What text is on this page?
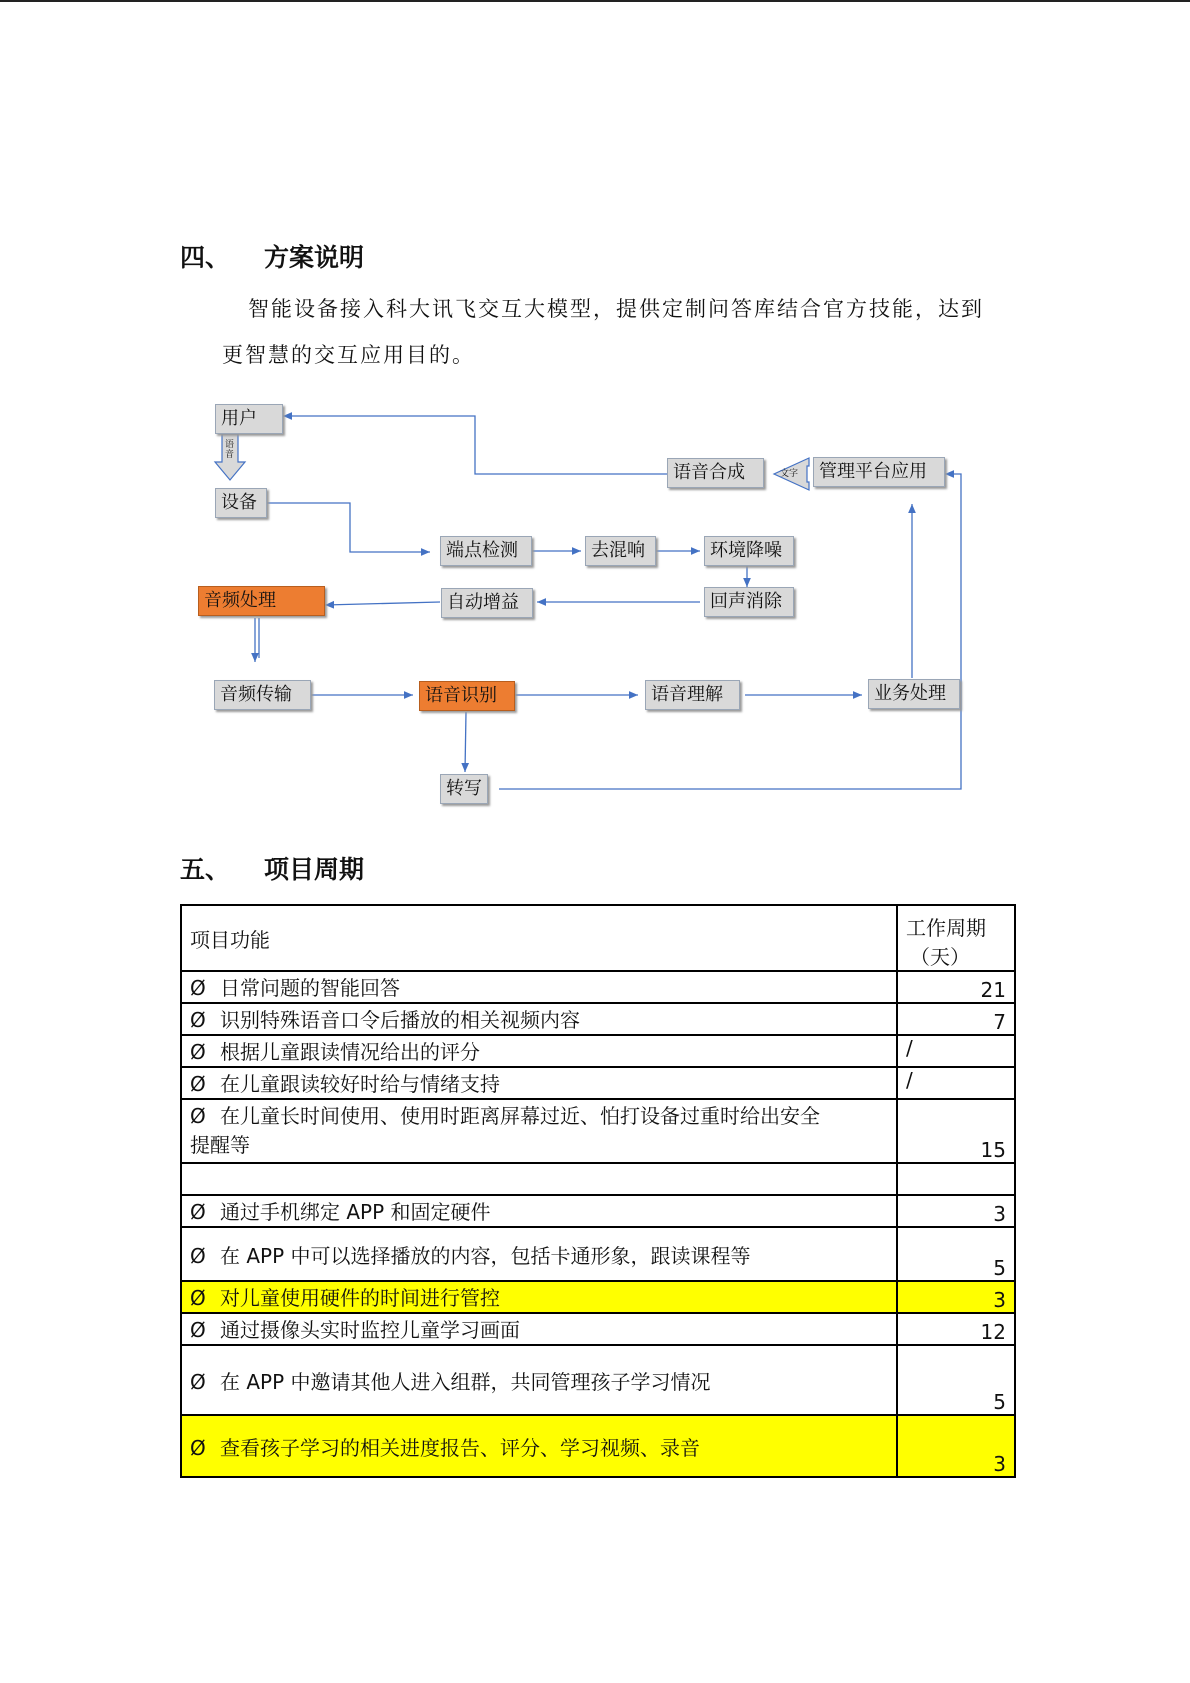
四、 方案说明
智能设备接入科大讯飞交互大模型，提供定制问答库结合官方技能，达到
更智慧的交互应用目的。
语音
文字
用户
设备
端点检测	去混响	环境降噪
回声消除
自动增益
音频处理
音频传输	语音识别	语音理解	业务处理
转写
语音合成	管理平台应用
五、 项目周期
项目功能	工作周期
（天）

Ø 日常问题的智能回答	21
Ø 识别特殊语音口令后播放的相关视频内容	7
Ø 根据儿童跟读情况给出的评分	/
Ø 在儿童跟读较好时给与情绪支持	/

Ø 在儿童长时间使用、使用时距离屏幕过近、怕打设备过重时给出安全
提醒等	15

Ø 通过手机绑定 APP 和固定硬件	3
Ø 在 APP 中可以选择播放的内容，包括卡通形象，跟读课程等	5
Ø 对儿童使用硬件的时间进行管控	3
Ø 通过摄像头实时监控儿童学习画面	12
Ø 在 APP 中邀请其他人进入组群，共同管理孩子学习情况	5
Ø 查看孩子学习的相关进度报告、评分、学习视频、录音	3
